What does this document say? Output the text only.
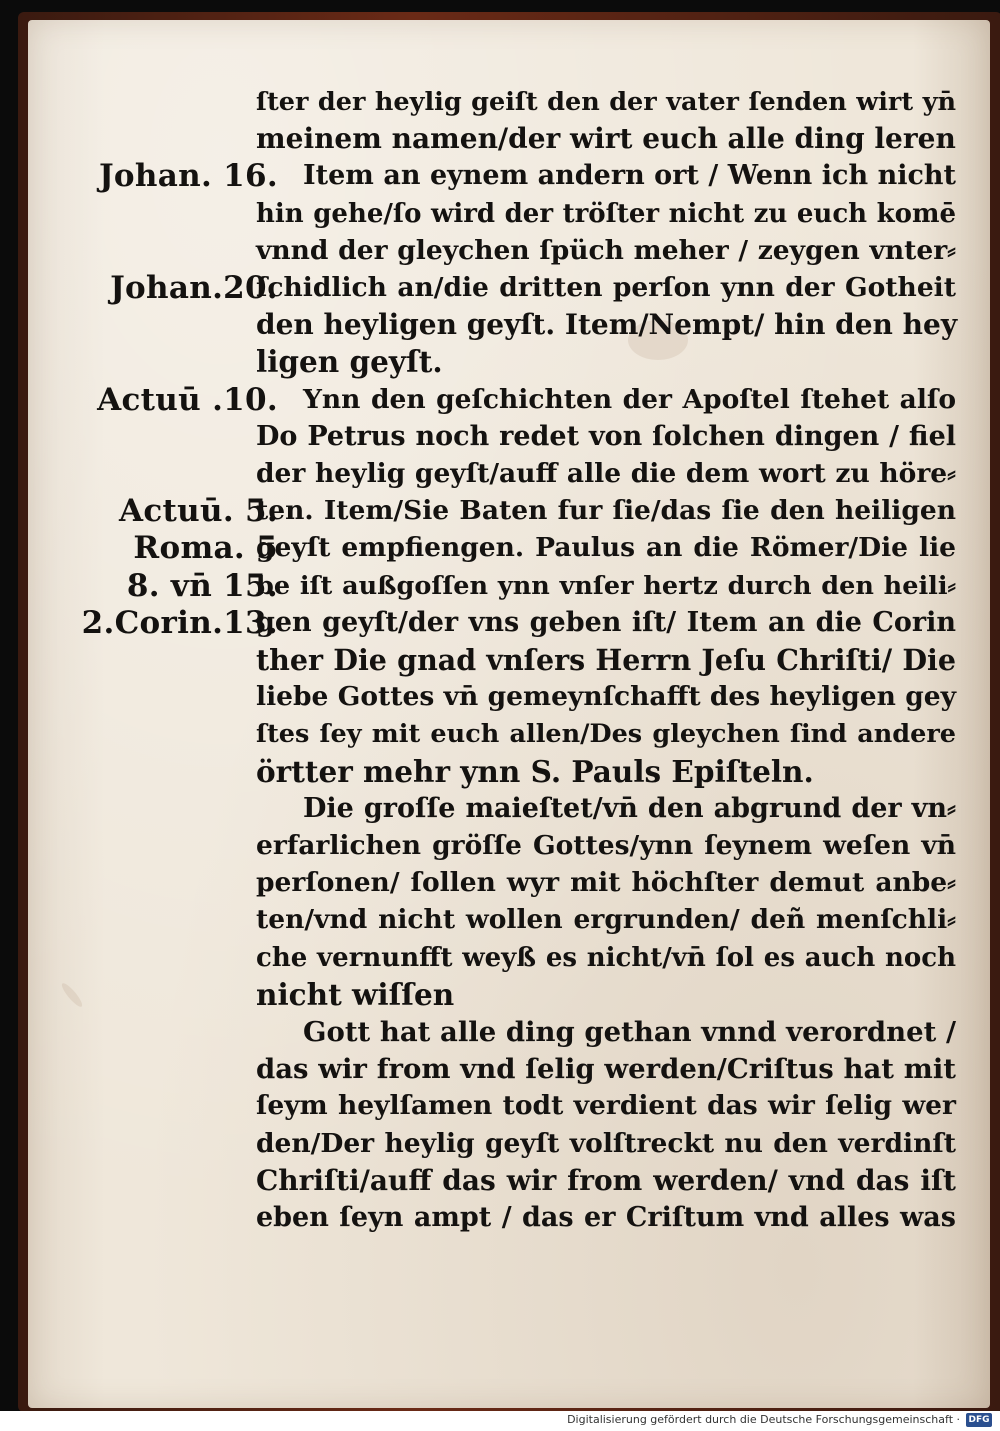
ſter der heylig geiſt den der vater ſenden wirt yn̄
meinem namen/der wirt euch alle ding leren
Johan. 16. Item an eynem andern ort / Wenn ich nicht
hin gehe/ſo wird der tröſter nicht zu euch komē
vnnd der gleychen ſpüch meher / zeygen vnter⸗
Johan.20.
ſchidlich an/die dritten perſon ynn der Gotheit
den heyligen geyſt. Item/Nempt/ hin den hey
ligen geyſt.
Actuū .10. Ynn den geſchichten der Apoſtel ſtehet alſo
Do Petrus noch redet von ſolchen dingen / fiel
der heylig geyſt/auff alle die dem wort zu höre⸗
Actuū. 5.
ten. Item/Sie Baten fur ſie/das ſie den heiligen
Roma. 5
geyſt empfiengen. Paulus an die Römer/Die lie
8. vn̄ 15.
be iſt außgoſſen ynn vnſer hertz durch den heili⸗
2.Corin.13.
gen geyſt/der vns geben iſt/ Item an die Corin
ther Die gnad vnſers Herrn Jeſu Chriſti/ Die
liebe Gottes vn̄ gemeynſchafft des heyligen gey
ſtes ſey mit euch allen/Des gleychen ſind andere
örtter mehr ynn S. Pauls Epiſteln.
Die groſſe maieſtet/vn̄ den abgrund der vn⸗
erfarlichen gröſſe Gottes/ynn ſeynem weſen vn̄
perſonen/ ſollen wyr mit höchſter demut anbe⸗
ten/vnd nicht wollen ergrunden/ deñ menſchli⸗
che vernunfft weyß es nicht/vn̄ ſol es auch noch
nicht wiſſen
Gott hat alle ding gethan vnnd verordnet /
das wir from vnd ſelig werden/Criſtus hat mit
ſeym heylſamen todt verdient das wir ſelig wer
den/Der heylig geyſt volſtreckt nu den verdinſt
Chriſti/auff das wir from werden/ vnd das iſt
eben ſeyn ampt / das er Criſtum vnd alles was
Digitalisierung gefördert durch die Deutsche Forschungsgemeinschaft · DFG
